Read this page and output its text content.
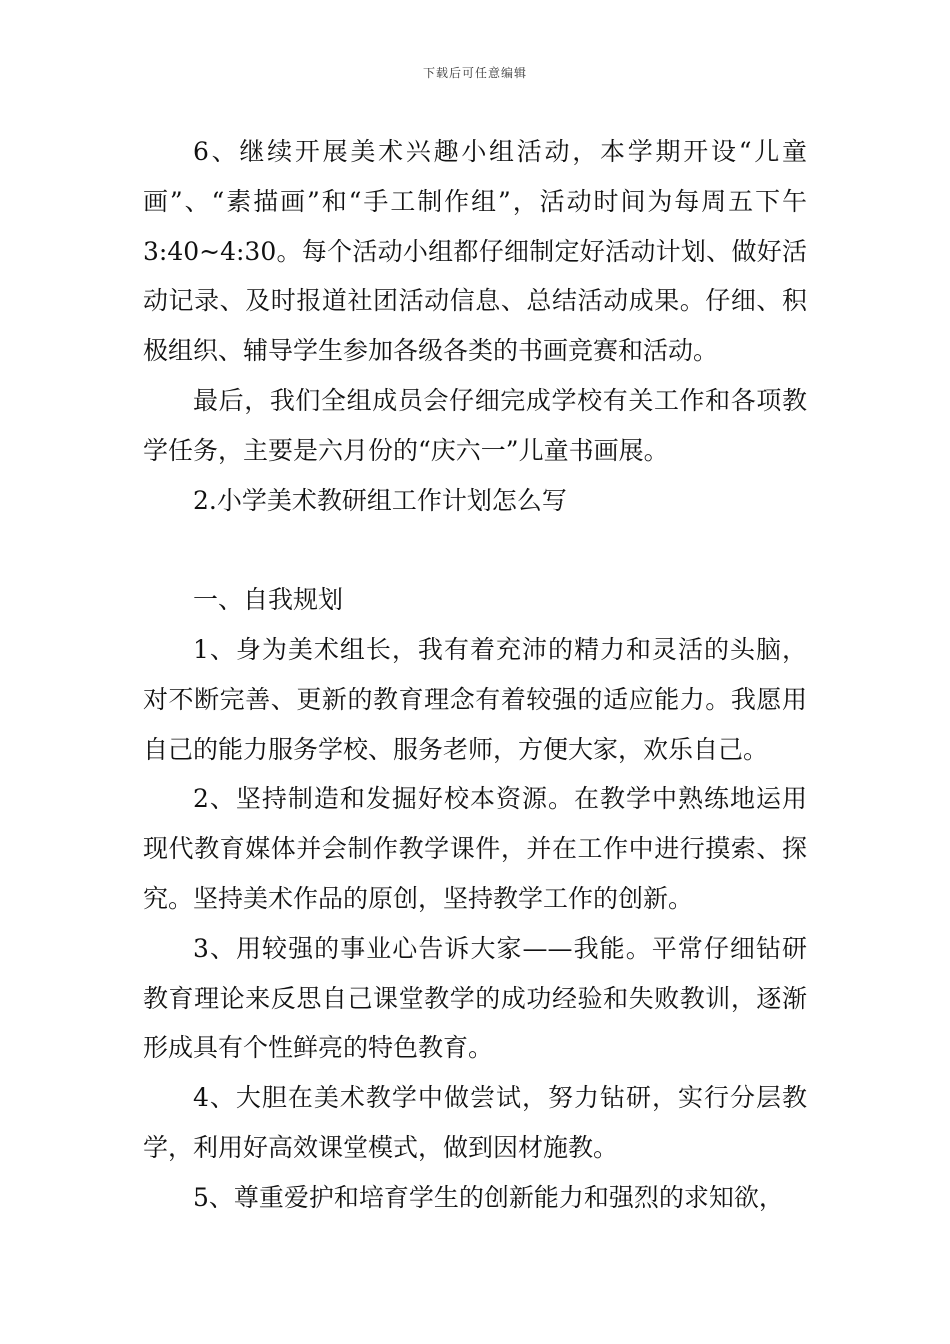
下载后可任意编辑

6、继续开展美术兴趣小组活动，本学期开设“儿童画”、“素描画”和“手工制作组”，活动时间为每周五下午3:40~4:30。每个活动小组都仔细制定好活动计划、做好活动记录、及时报道社团活动信息、总结活动成果。仔细、积极组织、辅导学生参加各级各类的书画竞赛和活动。

最后，我们全组成员会仔细完成学校有关工作和各项教学任务，主要是六月份的“庆六一”儿童书画展。

2.小学美术教研组工作计划怎么写

一、自我规划

1、身为美术组长，我有着充沛的精力和灵活的头脑，对不断完善、更新的教育理念有着较强的适应能力。我愿用自己的能力服务学校、服务老师，方便大家，欢乐自己。

2、坚持制造和发掘好校本资源。在教学中熟练地运用现代教育媒体并会制作教学课件，并在工作中进行摸索、探究。坚持美术作品的原创，坚持教学工作的创新。

3、用较强的事业心告诉大家——我能。平常仔细钻研教育理论来反思自己课堂教学的成功经验和失败教训，逐渐形成具有个性鲜亮的特色教育。

4、大胆在美术教学中做尝试，努力钻研，实行分层教学，利用好高效课堂模式，做到因材施教。

5、尊重爱护和培育学生的创新能力和强烈的求知欲，
